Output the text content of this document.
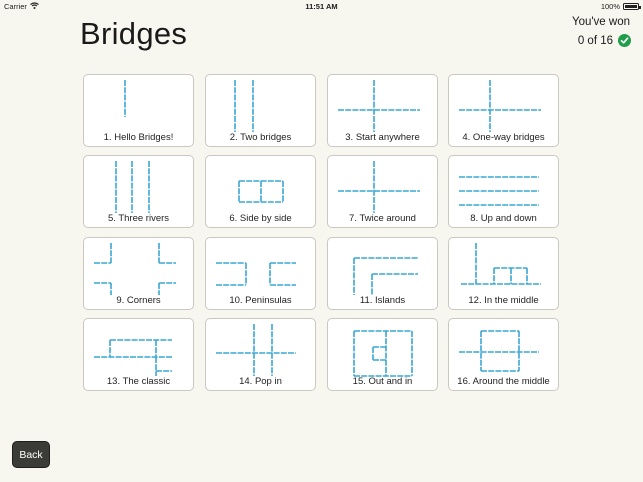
Carrier	11:51 AM	100%
Bridges	You've won
0 of 16
1. Hello Bridges!	2. Two bridges	3. Start anywhere	4. One-way bridges
5. Three rivers	6. Side by side	7. Twice around	8. Up and down
9. Corners	10. Peninsulas	11. Islands	12. In the middle
13. The classic	14. Pop in	15. Out and in	16. Around the middle
Back
